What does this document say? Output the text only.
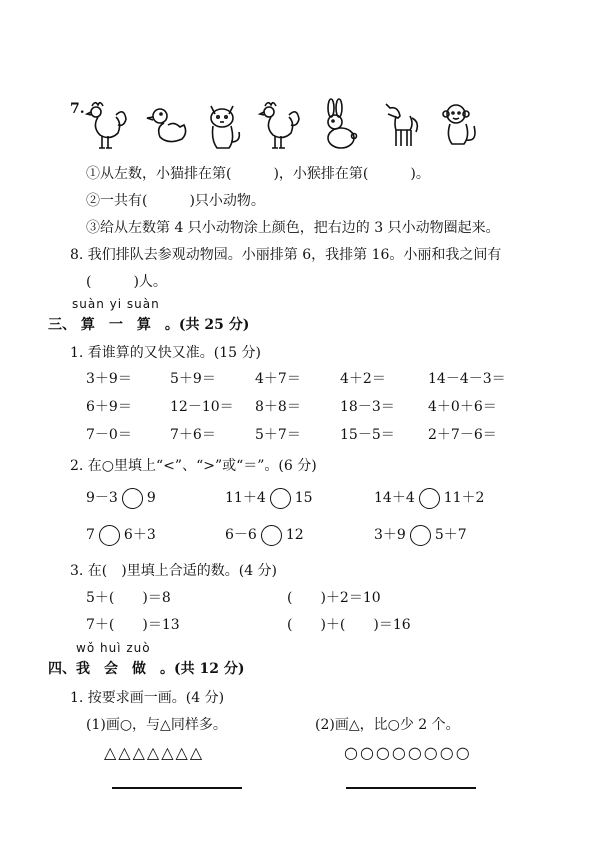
7.
①从左数，小猫排在第(　　　)，小猴排在第(　　　)。
②一共有(　　　)只小动物。
③给从左数第 4 只小动物涂上颜色，把右边的 3 只小动物圈起来。
8. 我们排队去参观动物园。小丽排第 6，我排第 16。小丽和我之间有
(　　　)人。
suàn yi suàn
三、 算　一　算　。(共 25 分)
1. 看谁算的又快又准。(15 分)
3＋9＝	5＋9＝	4＋7＝	4＋2＝	14－4－3＝
6＋9＝	12－10＝ 8＋8＝	18－3＝ 4＋0＋6＝
7－0＝	7＋6＝	5＋7＝	15－5＝ 2＋7－6＝
2. 在○里填上“<”、“>”或“＝”。(6 分)
9－3 9	11＋4 15	14＋4 11＋2
7 6＋3	6－6 12	3＋9 5＋7
3. 在(　)里填上合适的数。(4 分)
5＋(　　)＝8	(　　)＋2＝10
7＋(　　)＝13	(　　)＋(　　)＝16
wǒ huì zuò
四、我　会　做　。(共 12 分)
1. 按要求画一画。(4 分)
(1)画○，与△同样多。	(2)画△，比○少 2 个。
△△△△△△△	○○○○○○○○
